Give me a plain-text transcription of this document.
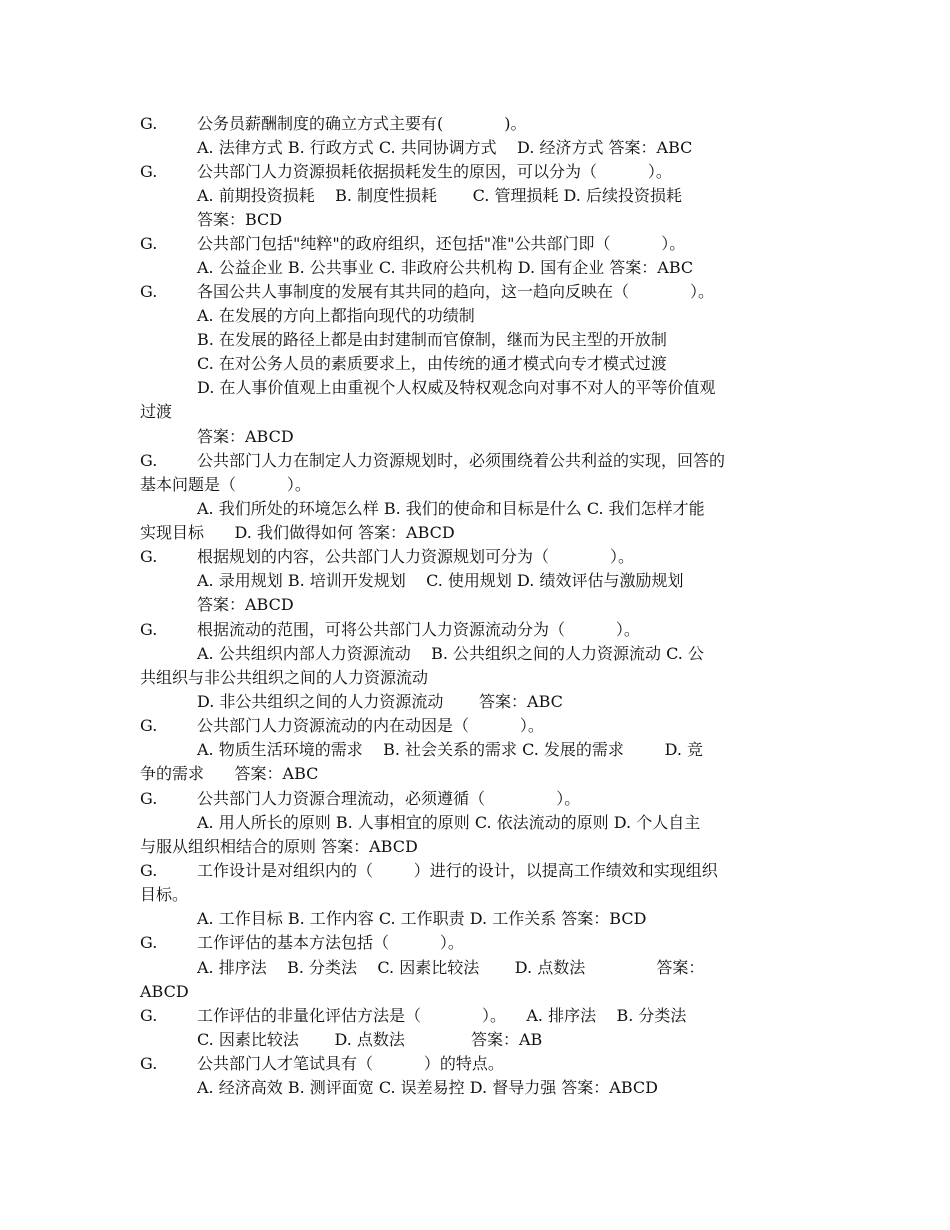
G. 公务员薪酬制度的确立方式主要有(            )。
A. 法律方式 B. 行政方式 C. 共同协调方式    D. 经济方式 答案：ABC
G. 公共部门人力资源损耗依据损耗发生的原因，可以分为（          ）。
A. 前期投资损耗    B. 制度性损耗       C. 管理损耗 D. 后续投资损耗
答案：BCD
G. 公共部门包括"纯粹"的政府组织，还包括"准"公共部门即（          ）。
A. 公益企业 B. 公共事业 C. 非政府公共机构 D. 国有企业 答案：ABC
G. 各国公共人事制度的发展有其共同的趋向，这一趋向反映在（            ）。
A. 在发展的方向上都指向现代的功绩制
B. 在发展的路径上都是由封建制而官僚制，继而为民主型的开放制
C. 在对公务人员的素质要求上，由传统的通才模式向专才模式过渡
D. 在人事价值观上由重视个人权威及特权观念向对事不对人的平等价值观
过渡
答案：ABCD
G. 公共部门人力在制定人力资源规划时，必须围绕着公共利益的实现，回答的
基本问题是（          ）。
A. 我们所处的环境怎么样 B. 我们的使命和目标是什么 C. 我们怎样才能
实现目标      D. 我们做得如何 答案：ABCD
G. 根据规划的内容，公共部门人力资源规划可分为（            ）。
A. 录用规划 B. 培训开发规划    C. 使用规划 D. 绩效评估与激励规划
答案：ABCD
G. 根据流动的范围，可将公共部门人力资源流动分为（          ）。
A. 公共组织内部人力资源流动    B. 公共组织之间的人力资源流动 C. 公
共组织与非公共组织之间的人力资源流动
D. 非公共组织之间的人力资源流动       答案：ABC
G. 公共部门人力资源流动的内在动因是（          ）。
A. 物质生活环境的需求    B. 社会关系的需求 C. 发展的需求        D. 竞
争的需求      答案：ABC
G. 公共部门人力资源合理流动，必须遵循（              ）。
A. 用人所长的原则 B. 人事相宜的原则 C. 依法流动的原则 D. 个人自主
与服从组织相结合的原则 答案：ABCD
G. 工作设计是对组织内的（        ）进行的设计，以提高工作绩效和实现组织
目标。
A. 工作目标 B. 工作内容 C. 工作职责 D. 工作关系 答案：BCD
G. 工作评估的基本方法包括（          ）。
A. 排序法    B. 分类法    C. 因素比较法       D. 点数法              答案：
ABCD
G. 工作评估的非量化评估方法是（            ）。    A. 排序法    B. 分类法
C. 因素比较法       D. 点数法             答案：AB
G. 公共部门人才笔试具有（          ）的特点。
A. 经济高效 B. 测评面宽 C. 误差易控 D. 督导力强 答案：ABCD
